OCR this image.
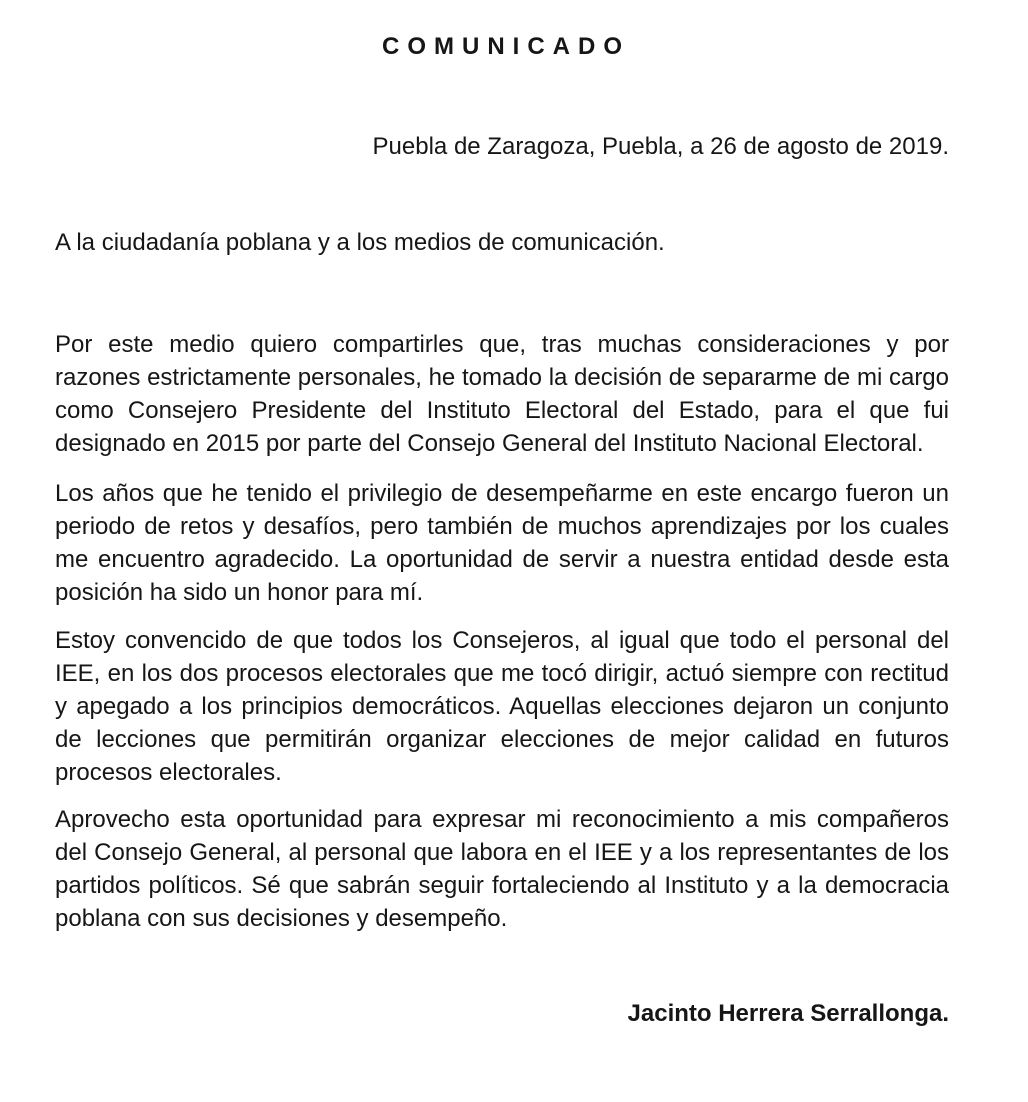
COMUNICADO

Puebla de Zaragoza, Puebla, a 26 de agosto de 2019.

A la ciudadanía poblana y a los medios de comunicación.

Por este medio quiero compartirles que, tras muchas consideraciones y por razones estrictamente personales, he tomado la decisión de separarme de mi cargo como Consejero Presidente del Instituto Electoral del Estado, para el que fui designado en 2015 por parte del Consejo General del Instituto Nacional Electoral.

Los años que he tenido el privilegio de desempeñarme en este encargo fueron un periodo de retos y desafíos, pero también de muchos aprendizajes por los cuales me encuentro agradecido. La oportunidad de servir a nuestra entidad desde esta posición ha sido un honor para mí.

Estoy convencido de que todos los Consejeros, al igual que todo el personal del IEE, en los dos procesos electorales que me tocó dirigir, actuó siempre con rectitud y apegado a los principios democráticos. Aquellas elecciones dejaron un conjunto de lecciones que permitirán organizar elecciones de mejor calidad en futuros procesos electorales.

Aprovecho esta oportunidad para expresar mi reconocimiento a mis compañeros del Consejo General, al personal que labora en el IEE y a los representantes de los partidos políticos. Sé que sabrán seguir fortaleciendo al Instituto y a la democracia poblana con sus decisiones y desempeño.

Jacinto Herrera Serrallonga.
